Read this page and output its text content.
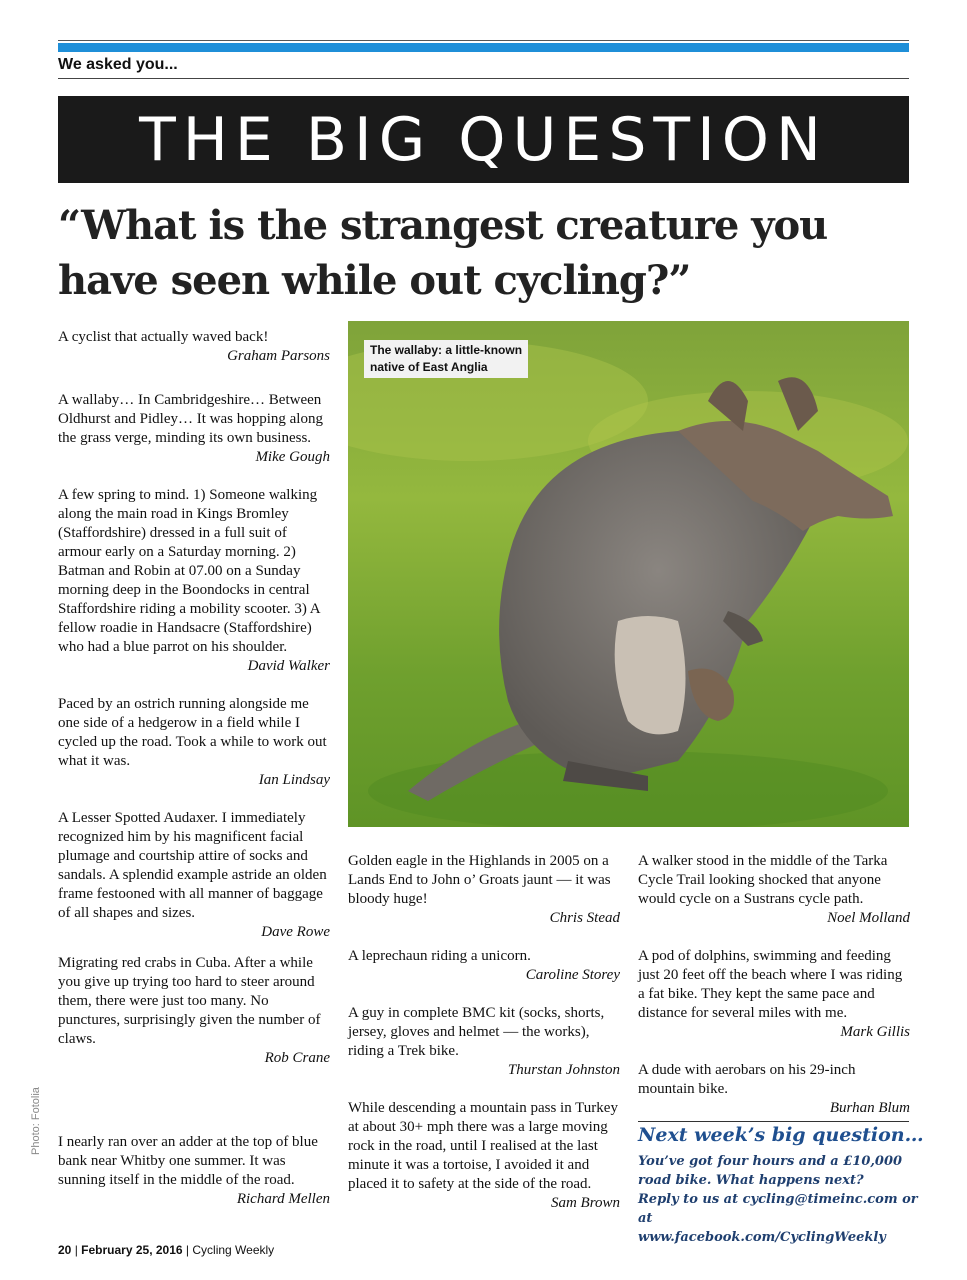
We asked you...
THE BIG QUESTION
“What is the strangest creature you have seen while out cycling?”

A cyclist that actually waved back!

Graham Parsons

A wallaby… In Cambridgeshire… Between Oldhurst and Pidley… It was hopping along the grass verge, minding its own business.

Mike Gough

A few spring to mind. 1) Someone walking along the main road in Kings Bromley (Staffordshire) dressed in a full suit of armour early on a Saturday morning. 2) Batman and Robin at 07.00 on a Sunday morning deep in the Boondocks in central Staffordshire riding a mobility scooter. 3) A fellow roadie in Handsacre (Staffordshire) who had a blue parrot on his shoulder.

David Walker

Paced by an ostrich running alongside me one side of a hedgerow in a field while I cycled up the road. Took a while to work out what it was.

Ian Lindsay

A Lesser Spotted Audaxer. I immediately recognized him by his magnificent facial plumage and courtship attire of socks and sandals. A splendid example astride an olden frame festooned with all manner of baggage of all shapes and sizes.

Dave Rowe

Migrating red crabs in Cuba. After a while you give up trying too hard to steer around them, there were just too many. No punctures, surprisingly given the number of claws.

Rob Crane

I nearly ran over an adder at the top of blue bank near Whitby one summer. It was sunning itself in the middle of the road.

Richard Mellen

The wallaby: a little-known
native of East Anglia

Golden eagle in the Highlands in 2005 on a Lands End to John o’ Groats jaunt — it was bloody huge!

Chris Stead

A leprechaun riding a unicorn.

Caroline Storey

A guy in complete BMC kit (socks, shorts, jersey, gloves and helmet — the works), riding a Trek bike.

Thurstan Johnston

While descending a mountain pass in Turkey at about 30+ mph there was a large moving rock in the road, until I realised at the last minute it was a tortoise, I avoided it and placed it to safety at the side of the road.

Sam Brown

A walker stood in the middle of the Tarka Cycle Trail looking shocked that anyone would cycle on a Sustrans cycle path.

Noel Molland

A pod of dolphins, swimming and feeding just 20 feet off the beach where I was riding a fat bike. They kept the same pace and distance for several miles with me.

Mark Gillis

A dude with aerobars on his 29-inch mountain bike.

Burhan Blum

Next week’s big question…
You’ve got four hours and a £10,000
road bike. What happens next?
Reply to us at cycling@timeinc.com or at
www.facebook.com/CyclingWeekly
Photo: Fotolia
20 | February 25, 2016 | Cycling Weekly
